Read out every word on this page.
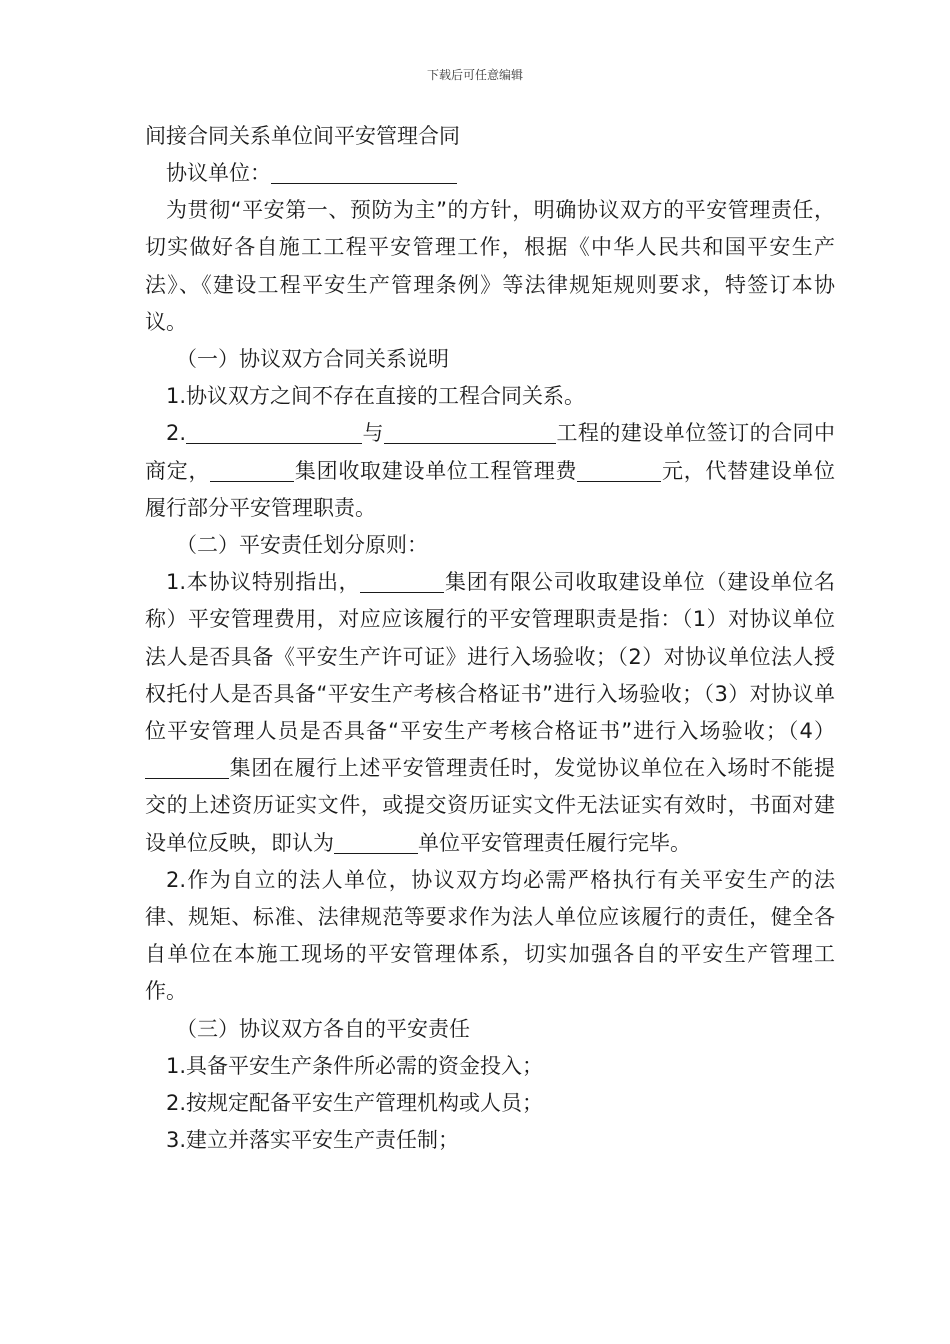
下载后可任意编辑
间接合同关系单位间平安管理合同

协议单位：

为贯彻“平安第一、预防为主”的方针，明确协议双方的平安管理责任，切实做好各自施工工程平安管理工作，根据《中华人民共和国平安生产法》、《建设工程平安生产管理条例》等法律规矩规则要求，特签订本协议。

（一）协议双方合同关系说明

1.协议双方之间不存在直接的工程合同关系。

2.	与	工程的建设单位签订的合同中商定，	集团收取建设单位工程管理费	元，代替建设单位履行部分平安管理职责。

（二）平安责任划分原则：

1.本协议特别指出，	集团有限公司收取建设单位（建设单位名称）平安管理费用，对应应该履行的平安管理职责是指：（1）对协议单位法人是否具备《平安生产许可证》进行入场验收；（2）对协议单位法人授权托付人是否具备“平安生产考核合格证书”进行入场验收；（3）对协议单位平安管理人员是否具备“平安生产考核合格证书”进行入场验收；（4）集团在履行上述平安管理责任时，发觉协议单位在入场时不能提交的上述资历证实文件，或提交资历证实文件无法证实有效时，书面对建设单位反映，即认为	单位平安管理责任履行完毕。

2.作为自立的法人单位，协议双方均必需严格执行有关平安生产的法律、规矩、标准、法律规范等要求作为法人单位应该履行的责任，健全各自单位在本施工现场的平安管理体系，切实加强各自的平安生产管理工作。

（三）协议双方各自的平安责任

1.具备平安生产条件所必需的资金投入；

2.按规定配备平安生产管理机构或人员；

3.建立并落实平安生产责任制；
